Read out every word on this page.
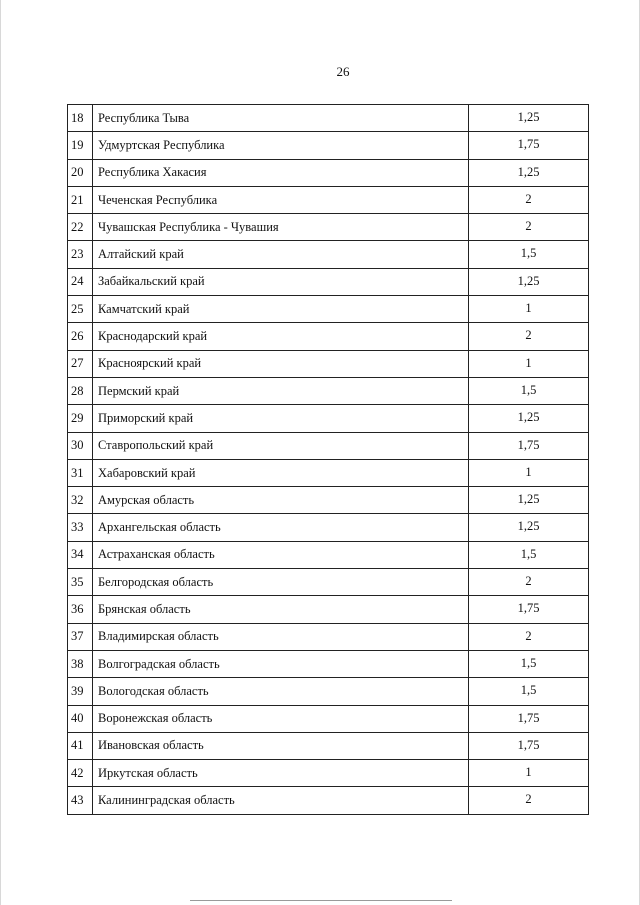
26
18	Республика Тыва	1,25
19	Удмуртская Республика	1,75
20	Республика Хакасия	1,25
21	Чеченская Республика	2
22	Чувашская Республика - Чувашия	2
23	Алтайский край	1,5
24	Забайкальский край	1,25
25	Камчатский край	1
26	Краснодарский край	2
27	Красноярский край	1
28	Пермский край	1,5
29	Приморский край	1,25
30	Ставропольский край	1,75
31	Хабаровский край	1
32	Амурская область	1,25
33	Архангельская область	1,25
34	Астраханская область	1,5
35	Белгородская область	2
36	Брянская область	1,75
37	Владимирская область	2
38	Волгоградская область	1,5
39	Вологодская область	1,5
40	Воронежская область	1,75
41	Ивановская область	1,75
42	Иркутская область	1
43	Калининградская область	2
